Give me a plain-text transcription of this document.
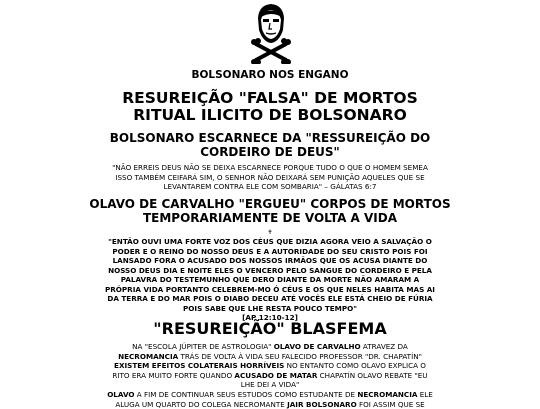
BOLSONARO NOS ENGANO
RESUREIÇÃO "FALSA" DE MORTOS
RITUAL ILICITO DE BOLSONARO
BOLSONARO ESCARNECE DA "RESSUREIÇÃO DO
CORDEIRO DE DEUS"
"NÃO ERREIS DEUS NÃO SE DEIXA ESCARNECE PORQUE TUDO O QUE O HOMEM SEMEA
ISSO TAMBÉM CEIFARÁ SIM, O SENHOR NÃO DEIXARÁ SEM PUNIÇÃO AQUELES QUE SE
LEVANTAREM CONTRA ELE COM SOMBARIA" – GÁLATAS 6:7
OLAVO DE CARVALHO "ERGUEU" CORPOS DE MORTOS
TEMPORARIAMENTE DE VOLTA A VIDA
✝
"ENTÃO OUVI UMA FORTE VOZ DOS CÉUS QUE DIZIA AGORA VEIO A SALVAÇÃO O
PODER E O REINO DO NOSSO DEUS E A AUTORIDADE DO SEU CRISTO POIS FOI
LANSADO FORA O ACUSADO DOS NOSSOS IRMÃOS QUE OS ACUSA DIANTE DO
NOSSO DEUS DIA E NOITE ELES O VENCERO PELO SANGUE DO CORDEIRO E PELA
PALAVRA DO TESTEMUNHO QUE DERO DIANTE DA MORTE NÃO AMARAM A
PRÓPRIA VIDA PORTANTO CELEBREM-MO Ó CÉUS E OS QUE NELES HABITA MAS AI
DA TERRA E DO MAR POIS O DIABO DECEU ATÉ VOCÊS ELE ESTÁ CHEIO DE FÚRIA
POIS SABE QUE LHE RESTA POUCO TEMPO"
[AP 12:10-12]
"RESUREIÇÃO" BLASFEMA
NA "ESCOLA JÚPITER DE ASTROLOGIA" OLAVO DE CARVALHO ATRAVEZ DA
NECROMANCIA TRÁS DE VOLTA À VIDA SEU FALECIDO PROFESSOR "DR. CHAPATÍN"
EXISTEM EFEITOS COLATERAIS HORRÍVEIS NO ENTANTO COMO OLAVO EXPLICA O
RITO ERA MUITO FORTE QUANDO ACUSADO DE MATAR CHAPATÍN OLAVO REBATE "EU
LHE DEI A VIDA"
OLAVO A FIM DE CONTINUAR SEUS ESTUDOS COMO ESTUDANTE DE NECROMANCIA ELE
ALUGA UM QUARTO DO COLEGA NECROMANTE JAIR BOLSONARO FOI ASSIM QUE SE
